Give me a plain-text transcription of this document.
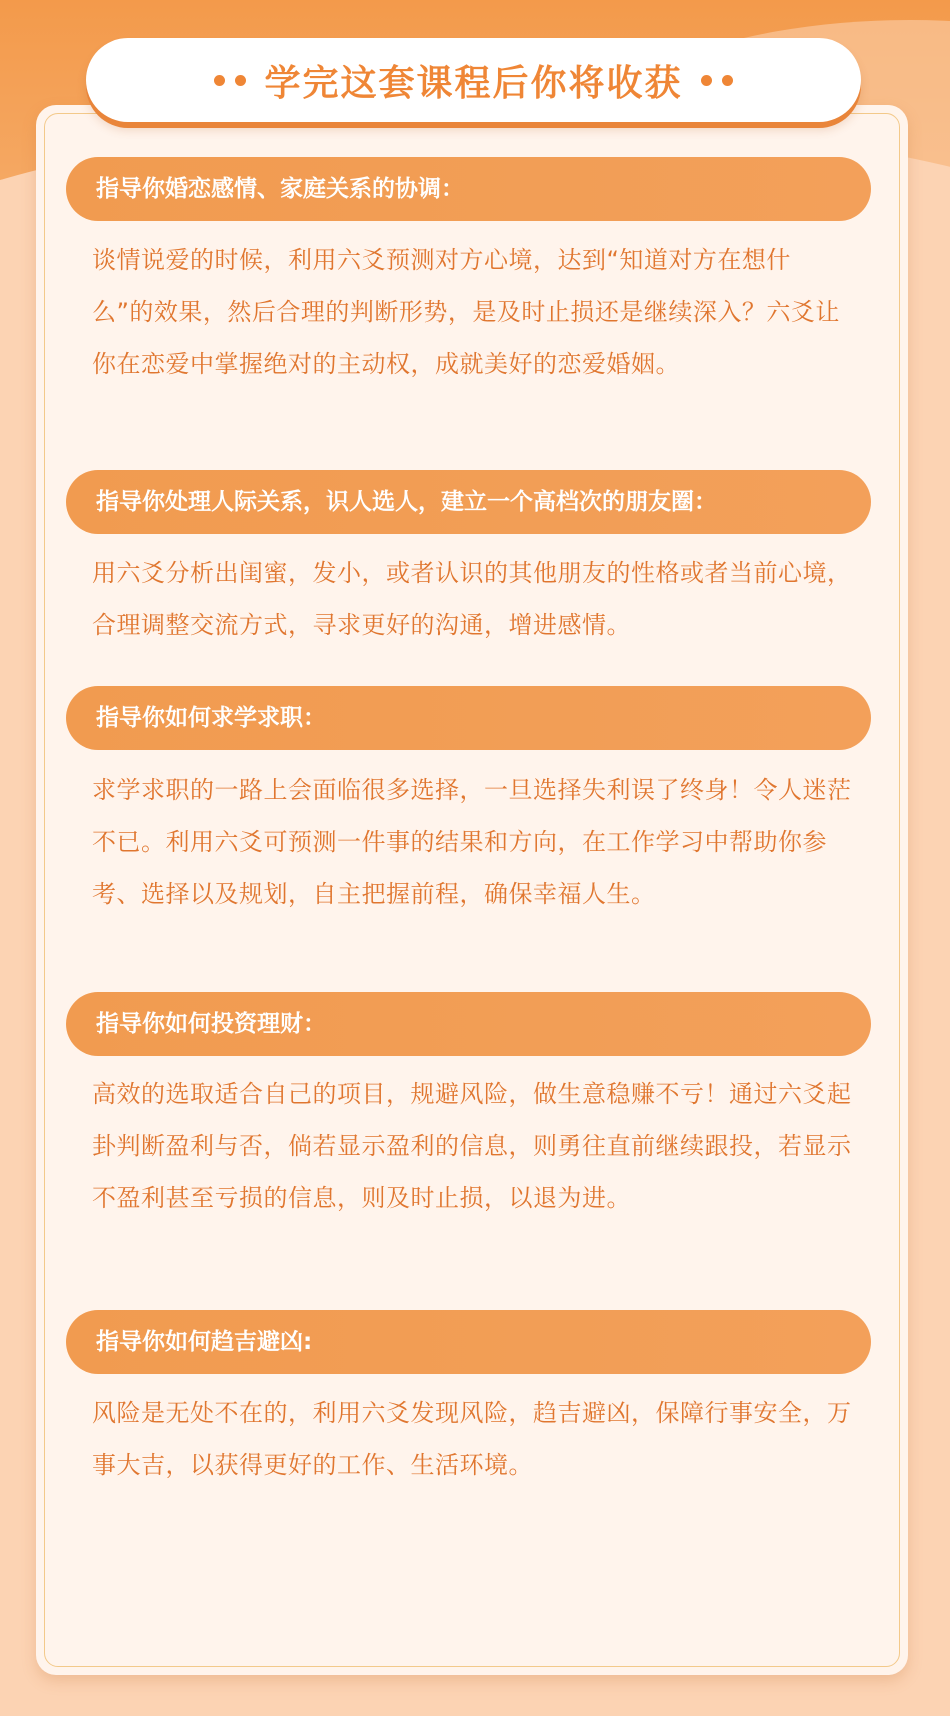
学完这套课程后你将收获
指导你婚恋感情、家庭关系的协调：

谈情说爱的时候，利用六爻预测对方心境，达到“知道对方在想什么”的效果，然后合理的判断形势，是及时止损还是继续深入？六爻让你在恋爱中掌握绝对的主动权，成就美好的恋爱婚姻。

指导你处理人际关系，识人选人，建立一个高档次的朋友圈：

用六爻分析出闺蜜，发小，或者认识的其他朋友的性格或者当前心境，合理调整交流方式，寻求更好的沟通，增进感情。

指导你如何求学求职：

求学求职的一路上会面临很多选择，一旦选择失利误了终身！令人迷茫不已。利用六爻可预测一件事的结果和方向，在工作学习中帮助你参考、选择以及规划，自主把握前程，确保幸福人生。

指导你如何投资理财：

高效的选取适合自己的项目，规避风险，做生意稳赚不亏！通过六爻起卦判断盈利与否，倘若显示盈利的信息，则勇往直前继续跟投，若显示不盈利甚至亏损的信息，则及时止损，以退为进。

指导你如何趋吉避凶:

风险是无处不在的，利用六爻发现风险，趋吉避凶，保障行事安全，万事大吉，以获得更好的工作、生活环境。
